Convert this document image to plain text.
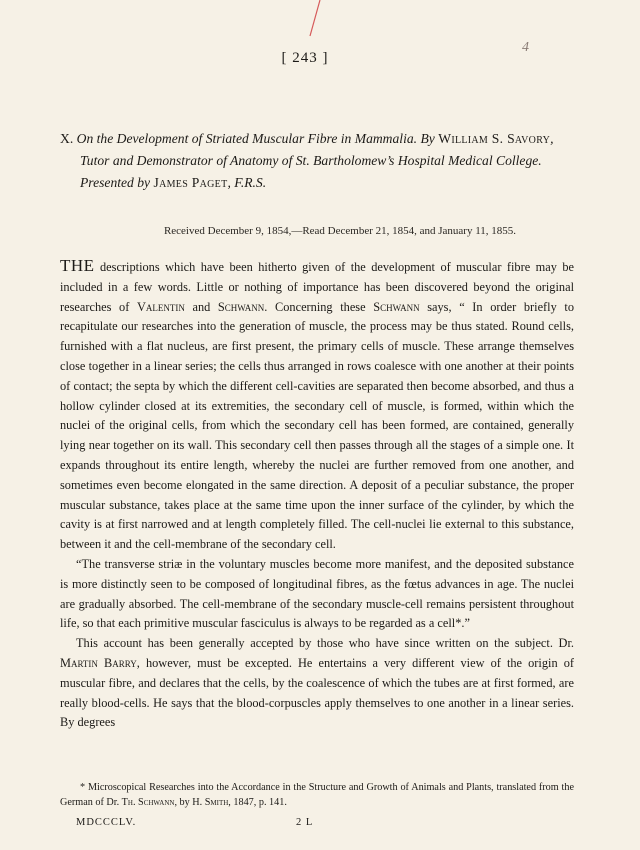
4
[ 243 ]
X. On the Development of Striated Muscular Fibre in Mammalia. By William S. Savory, Tutor and Demonstrator of Anatomy of St. Bartholomew’s Hospital Medical College. Presented by James Paget, F.R.S.
Received December 9, 1854,—Read December 21, 1854, and January 11, 1855.

THE descriptions which have been hitherto given of the development of muscular fibre may be included in a few words. Little or nothing of importance has been discovered beyond the original researches of Valentin and Schwann. Concerning these Schwann says, “ In order briefly to recapitulate our researches into the generation of muscle, the process may be thus stated. Round cells, furnished with a flat nucleus, are first present, the primary cells of muscle. These arrange themselves close together in a linear series; the cells thus arranged in rows coalesce with one another at their points of contact; the septa by which the different cell-cavities are separated then become absorbed, and thus a hollow cylinder closed at its extremities, the secondary cell of muscle, is formed, within which the nuclei of the original cells, from which the secondary cell has been formed, are contained, generally lying near together on its wall. This secondary cell then passes through all the stages of a simple one. It expands throughout its entire length, whereby the nuclei are further removed from one another, and sometimes even become elongated in the same direction. A deposit of a peculiar substance, the proper muscular substance, takes place at the same time upon the inner surface of the cylinder, by which the cavity is at first narrowed and at length completely filled. The cell-nuclei lie external to this substance, between it and the cell-membrane of the secondary cell.

“The transverse striæ in the voluntary muscles become more manifest, and the deposited substance is more distinctly seen to be composed of longitudinal fibres, as the fœtus advances in age. The nuclei are gradually absorbed. The cell-membrane of the secondary muscle-cell remains persistent throughout life, so that each primitive muscular fasciculus is always to be regarded as a cell*.”

This account has been generally accepted by those who have since written on the subject. Dr. Martin Barry, however, must be excepted. He entertains a very different view of the origin of muscular fibre, and declares that the cells, by the coalescence of which the tubes are at first formed, are really blood-cells. He says that the blood-corpuscles apply themselves to one another in a linear series. By degrees

* Microscopical Researches into the Accordance in the Structure and Growth of Animals and Plants, translated from the German of Dr. Th. Schwann, by H. Smith, 1847, p. 141.
MDCCCLV.	2 L
